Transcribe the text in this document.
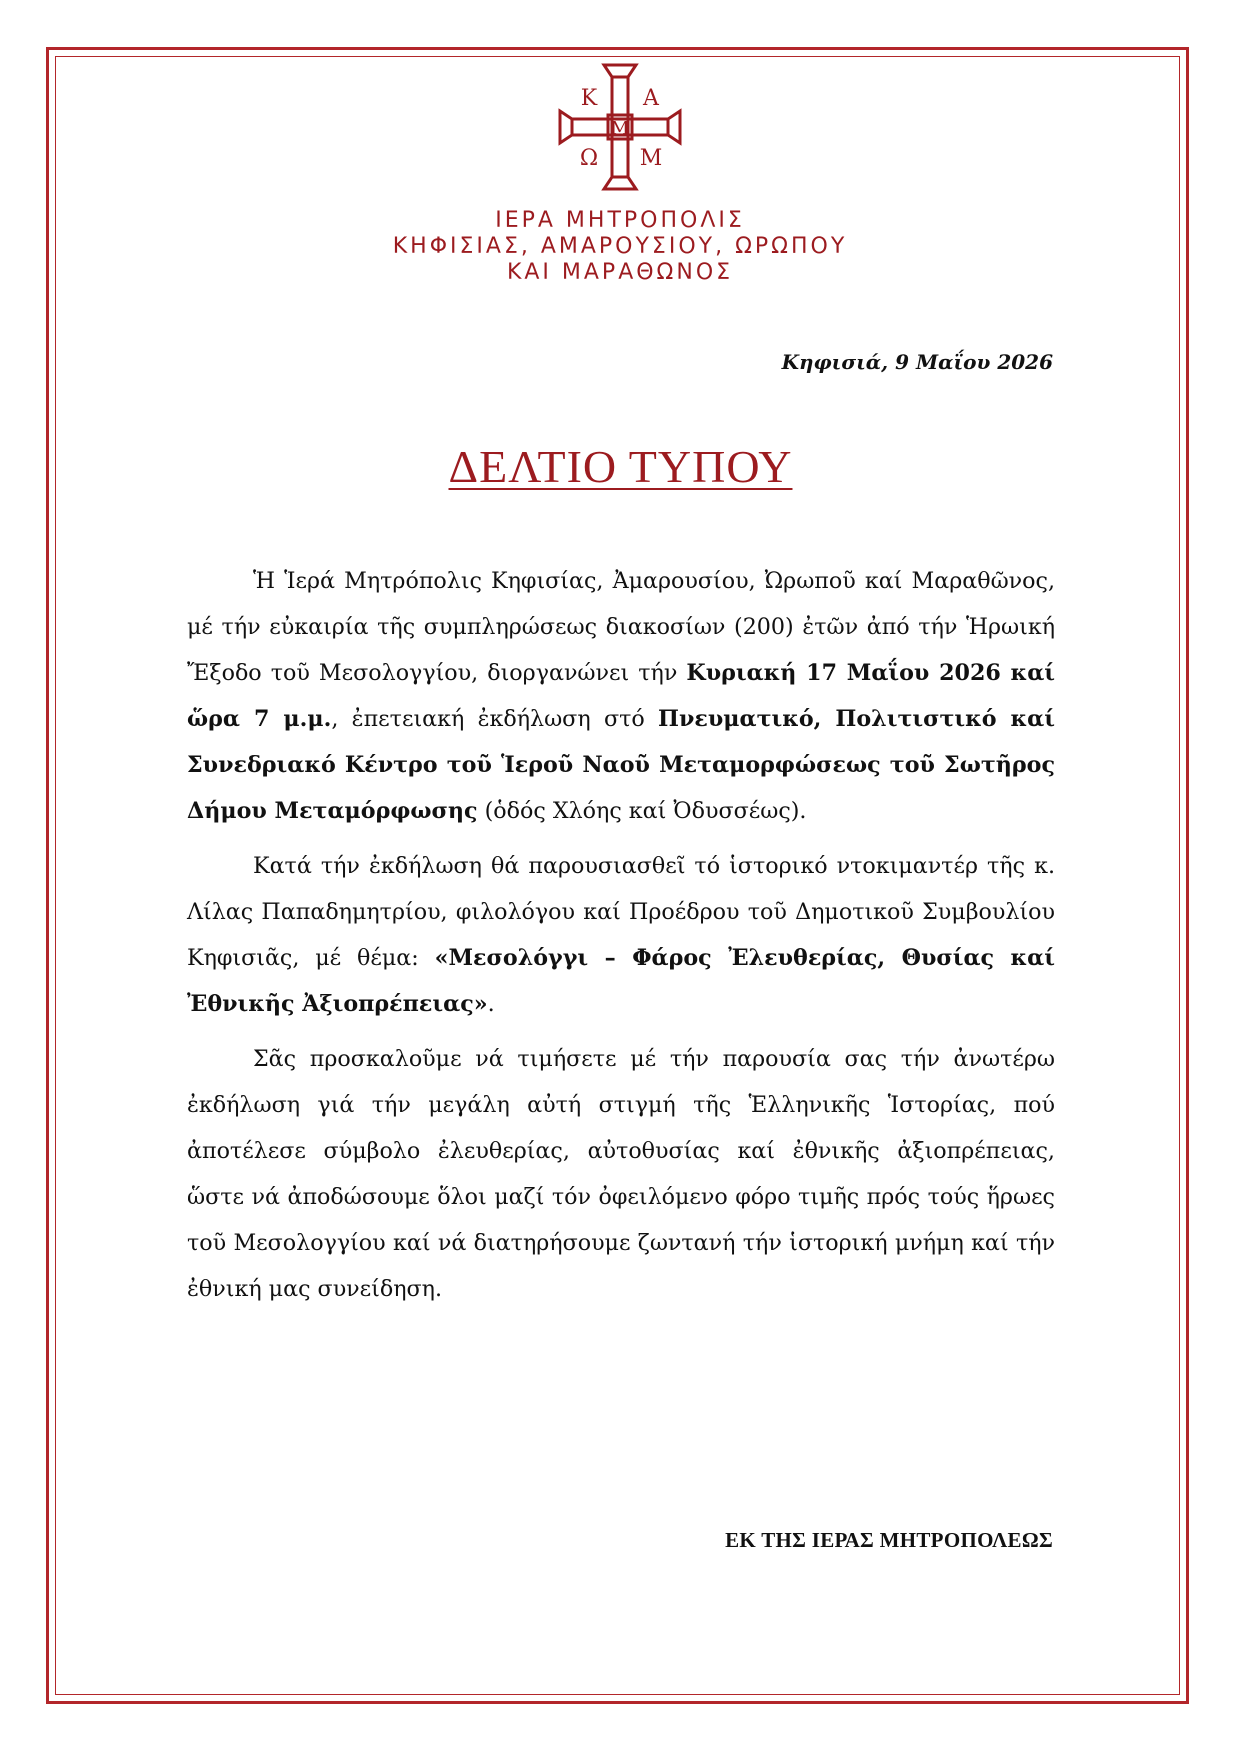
Κ Α
Ω Μ
Μ
ΙΕΡΑ ΜΗΤΡΟΠΟΛΙΣ
ΚΗΦΙΣΙΑΣ, ΑΜΑΡΟΥΣΙΟΥ, ΩΡΩΠΟΥ
ΚΑΙ ΜΑΡΑΘΩΝΟΣ
Κηφισιά, 9 Μαΐου 2026
ΔΕΛΤΙΟ ΤΥΠΟΥ

Ἡ Ἱερά Μητρόπολις Κηφισίας, Ἀμαρουσίου, Ὠρωποῦ καί Μαραθῶνος, μέ τήν εὐκαιρία τῆς συμπληρώσεως διακοσίων (200) ἐτῶν ἀπό τήν Ἡρωική Ἔξοδο τοῦ Μεσολογγίου, διοργανώνει τήν Κυριακή 17 Μαΐου 2026 καί ὥρα 7 μ.μ., ἐπετειακή ἐκδήλωση στό Πνευματικό, Πολιτιστικό καί Συνεδριακό Κέντρο τοῦ Ἱεροῦ Ναοῦ Μεταμορφώσεως τοῦ Σωτῆρος Δήμου Μεταμόρφωσης (ὁδός Χλόης καί Ὀδυσσέως).

Κατά τήν ἐκδήλωση θά παρουσιασθεῖ τό ἱστορικό ντοκιμαντέρ τῆς κ. Λίλας Παπαδημητρίου, φιλολόγου καί Προέδρου τοῦ Δημοτικοῦ Συμβουλίου Κηφισιᾶς, μέ θέμα: «Μεσολόγγι – Φάρος Ἐλευθερίας, Θυσίας καί Ἐθνικῆς Ἀξιοπρέπειας».

Σᾶς προσκαλοῦμε νά τιμήσετε μέ τήν παρουσία σας τήν ἀνωτέρω ἐκδήλωση γιά τήν μεγάλη αὐτή στιγμή τῆς Ἑλληνικῆς Ἱστορίας, πού ἀποτέλεσε σύμβολο ἐλευθερίας, αὐτοθυσίας καί ἐθνικῆς ἀξιοπρέπειας, ὥστε νά ἀποδώσουμε ὅλοι μαζί τόν ὀφειλόμενο φόρο τιμῆς πρός τούς ἥρωες τοῦ Μεσολογγίου καί νά διατηρήσουμε ζωντανή τήν ἱστορική μνήμη καί τήν ἐθνική μας συνείδηση.

ΕΚ ΤΗΣ ΙΕΡΑΣ ΜΗΤΡΟΠΟΛΕΩΣ
